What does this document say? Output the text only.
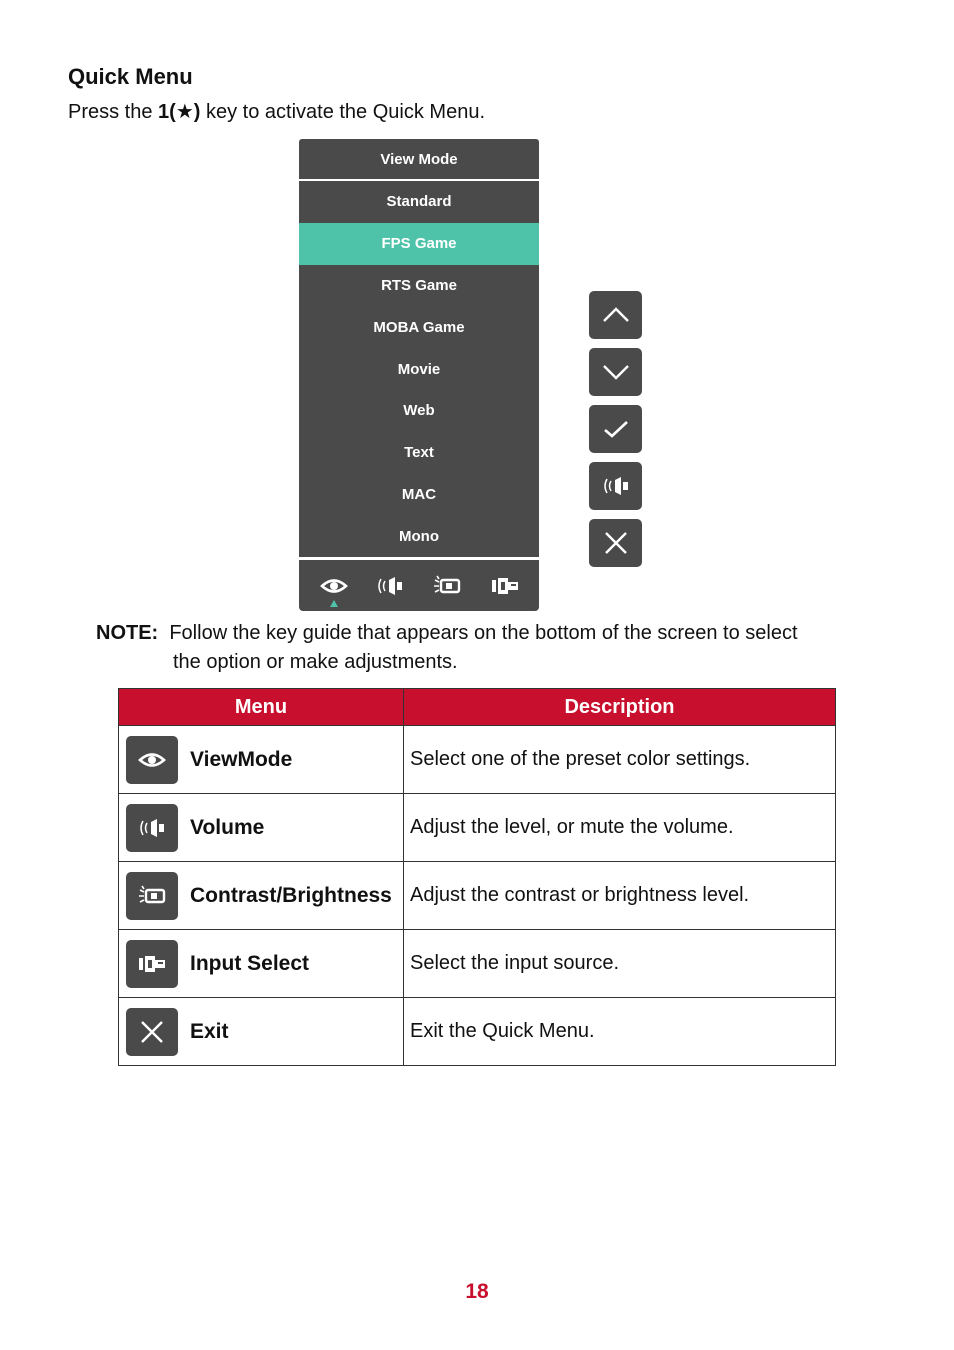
Quick Menu

Press the 1(★) key to activate the Quick Menu.

View Mode
Standard
FPS Game
RTS Game
MOBA Game
Movie
Web
Text
MAC
Mono

NOTE: Follow the key guide that appears on the bottom of the screen to select
the option or make adjustments.

Menu	Description

ViewMode	Select one of the preset color settings.

Volume	Adjust the level, or mute the volume.

Contrast/Brightness	Adjust the contrast or brightness level.

Input Select	Select the input source.

Exit	Exit the Quick Menu.
18
